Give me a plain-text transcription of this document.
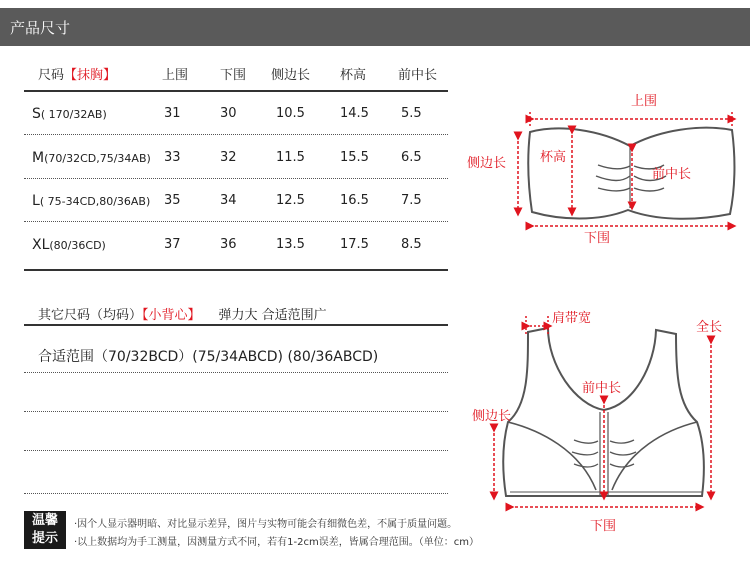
产品尺寸
尺码【抹胸】	上围 下围 侧边长 杯高 前中长
S( 170/32AB)	31	30	10.5	14.5 5.5
M(70/32CD,75/34AB) 33	32	11.5	15.5 6.5
L( 75-34CD,80/36AB) 35	34	12.5	16.5 7.5
XL(80/36CD)	37	36	13.5	17.5 8.5
其它尺码（均码）【小背心】 弹力大 合适范围广
合适范围（70/32BCD）(75/34ABCD) (80/36ABCD)
上围
侧边长	杯高
前中长
下围
肩带宽
全长
前中长
侧边长
下围
温馨
提示
·因个人显示器明暗、对比显示差异，图片与实物可能会有细微色差，不属于质量问题。
·以上数据均为手工测量，因测量方式不同，若有1-2cm误差，皆属合理范围。（单位：cm）
